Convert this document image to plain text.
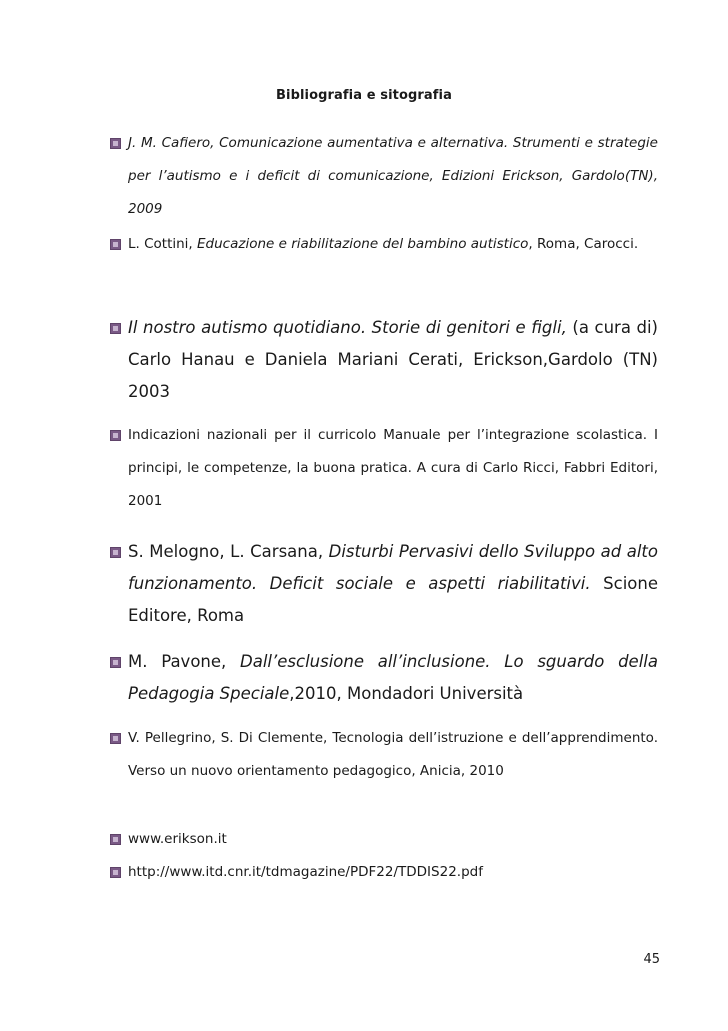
Bibliografia e sitografia
J. M. Cafiero, Comunicazione aumentativa e alternativa. Strumenti e strategie per l’autismo e i deficit di comunicazione, Edizioni Erickson, Gardolo(TN), 2009
L. Cottini, Educazione e riabilitazione del bambino autistico, Roma, Carocci.
Il nostro autismo quotidiano. Storie di genitori e figli, (a cura di) Carlo Hanau e Daniela Mariani Cerati, Erickson,Gardolo (TN) 2003
Indicazioni nazionali per il curricolo Manuale per l’integrazione scolastica. I principi, le competenze, la buona pratica. A cura di Carlo Ricci, Fabbri Editori, 2001
S. Melogno, L. Carsana, Disturbi Pervasivi dello Sviluppo ad alto funzionamento. Deficit sociale e aspetti riabilitativi. Scione Editore, Roma
M. Pavone, Dall’esclusione all’inclusione. Lo sguardo della Pedagogia Speciale,2010, Mondadori Università
V. Pellegrino, S. Di Clemente, Tecnologia dell’istruzione e dell’apprendimento. Verso un nuovo orientamento pedagogico, Anicia, 2010
www.erikson.it
http://www.itd.cnr.it/tdmagazine/PDF22/TDDIS22.pdf
45
